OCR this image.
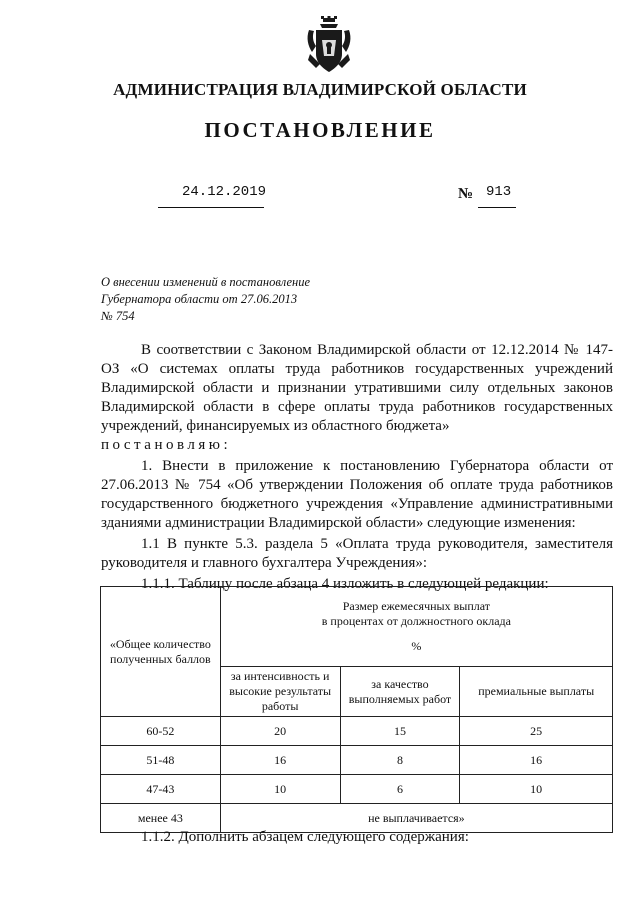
АДМИНИСТРАЦИЯ ВЛАДИМИРСКОЙ ОБЛАСТИ
ПОСТАНОВЛЕНИЕ
24.12.2019	№ 913
О внесении изменений в постановление
Губернатора области от 27.06.2013
№ 754

В соответствии с Законом Владимирской области от 12.12.2014 № 147-ОЗ «О системах оплаты труда работников государственных учреждений Владимирской области и признании утратившими силу отдельных законов Владимирской области в сфере оплаты труда работников государственных учреждений, финансируемых из областного бюджета»

постановляю:

1. Внести в приложение к постановлению Губернатора области от 27.06.2013 № 754 «Об утверждении Положения об оплате труда работников государственного бюджетного учреждения «Управление административными зданиями администрации Владимирской области» следующие изменения:

1.1 В пункте 5.3. раздела 5 «Оплата труда руководителя, заместителя руководителя и главного бухгалтера Учреждения»:

1.1.1. Таблицу после абзаца 4 изложить в следующей редакции:

«Общее количество полученных баллов	Размер ежемесячных выплат
в процентах от должностного оклада
%		

	за интенсивность и высокие результаты работы	за качество выполняемых работ	премиальные выплаты
60-52	20	15	25
51-48	16	8	16
47-43	10	6	10
менее 43	не выплачивается»		
1.1.2. Дополнить абзацем следующего содержания:
